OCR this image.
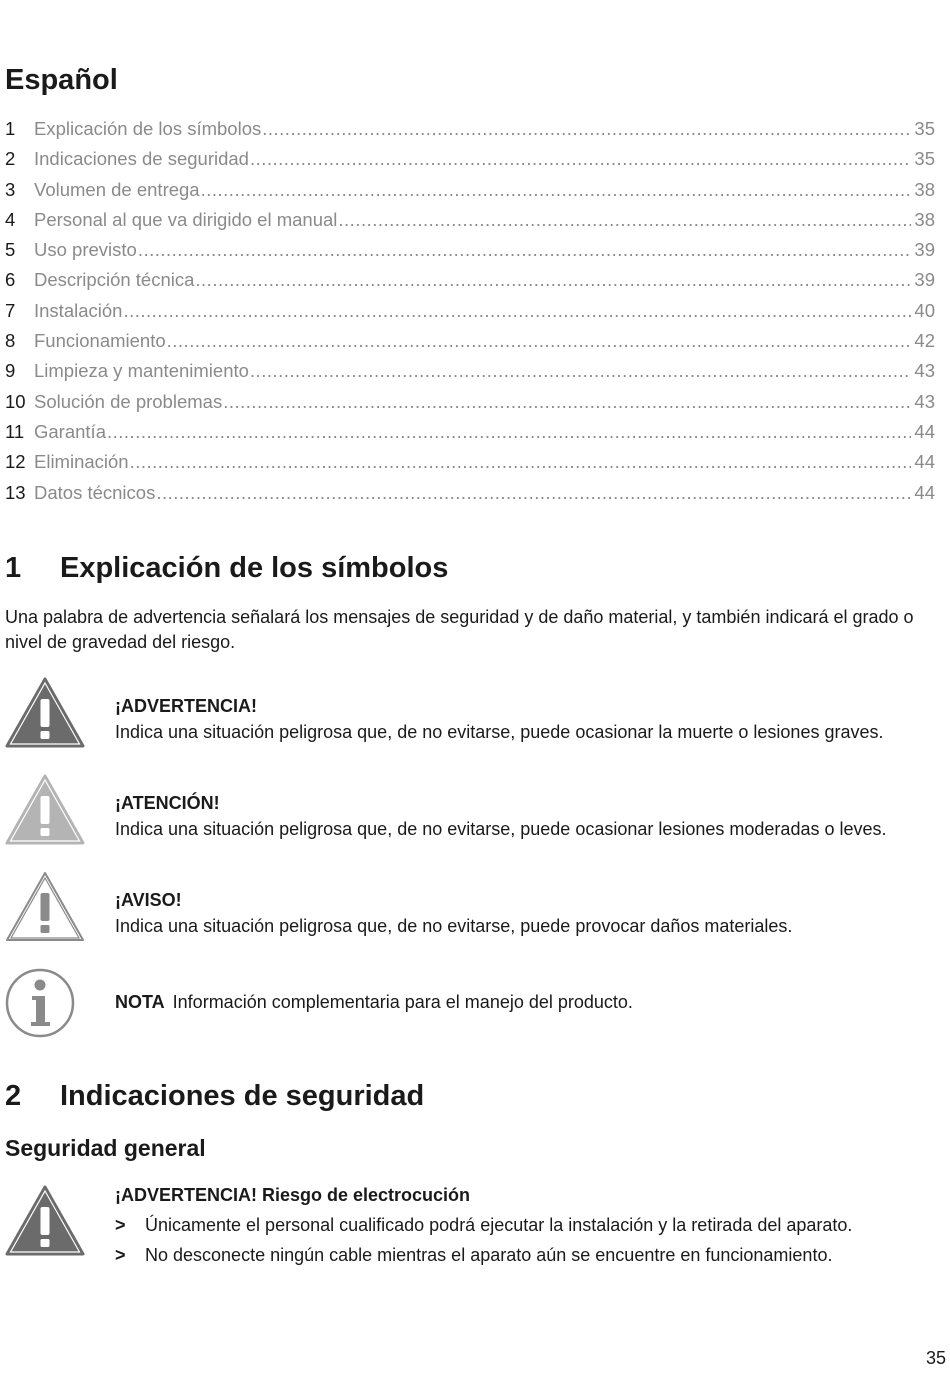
Español
1	Explicación de los símbolos .....	35
2	Indicaciones de seguridad .....	35
3	Volumen de entrega .....	38
4	Personal al que va dirigido el manual .....	38
5	Uso previsto .....	39
6	Descripción técnica .....	39
7	Instalación .....	40
8	Funcionamiento .....	42
9	Limpieza y mantenimiento .....	43
10 Solución de problemas .....	43
11 Garantía .....	44
12 Eliminación .....	44
13 Datos técnicos .....	44
1 Explicación de los símbolos

Una palabra de advertencia señalará los mensajes de seguridad y de daño material, y también indicará el grado o nivel de gravedad del riesgo.

¡ADVERTENCIA!
Indica una situación peligrosa que, de no evitarse, puede ocasionar la muerte o lesiones graves.
¡ATENCIÓN!
Indica una situación peligrosa que, de no evitarse, puede ocasionar lesiones moderadas o leves.
¡AVISO!
Indica una situación peligrosa que, de no evitarse, puede provocar daños materiales.
NOTA Información complementaria para el manejo del producto.
2 Indicaciones de seguridad
Seguridad general
¡ADVERTENCIA! Riesgo de electrocución
> Únicamente el personal cualificado podrá ejecutar la instalación y la retirada del aparato.
> No desconecte ningún cable mientras el aparato aún se encuentre en funcionamiento.
35
